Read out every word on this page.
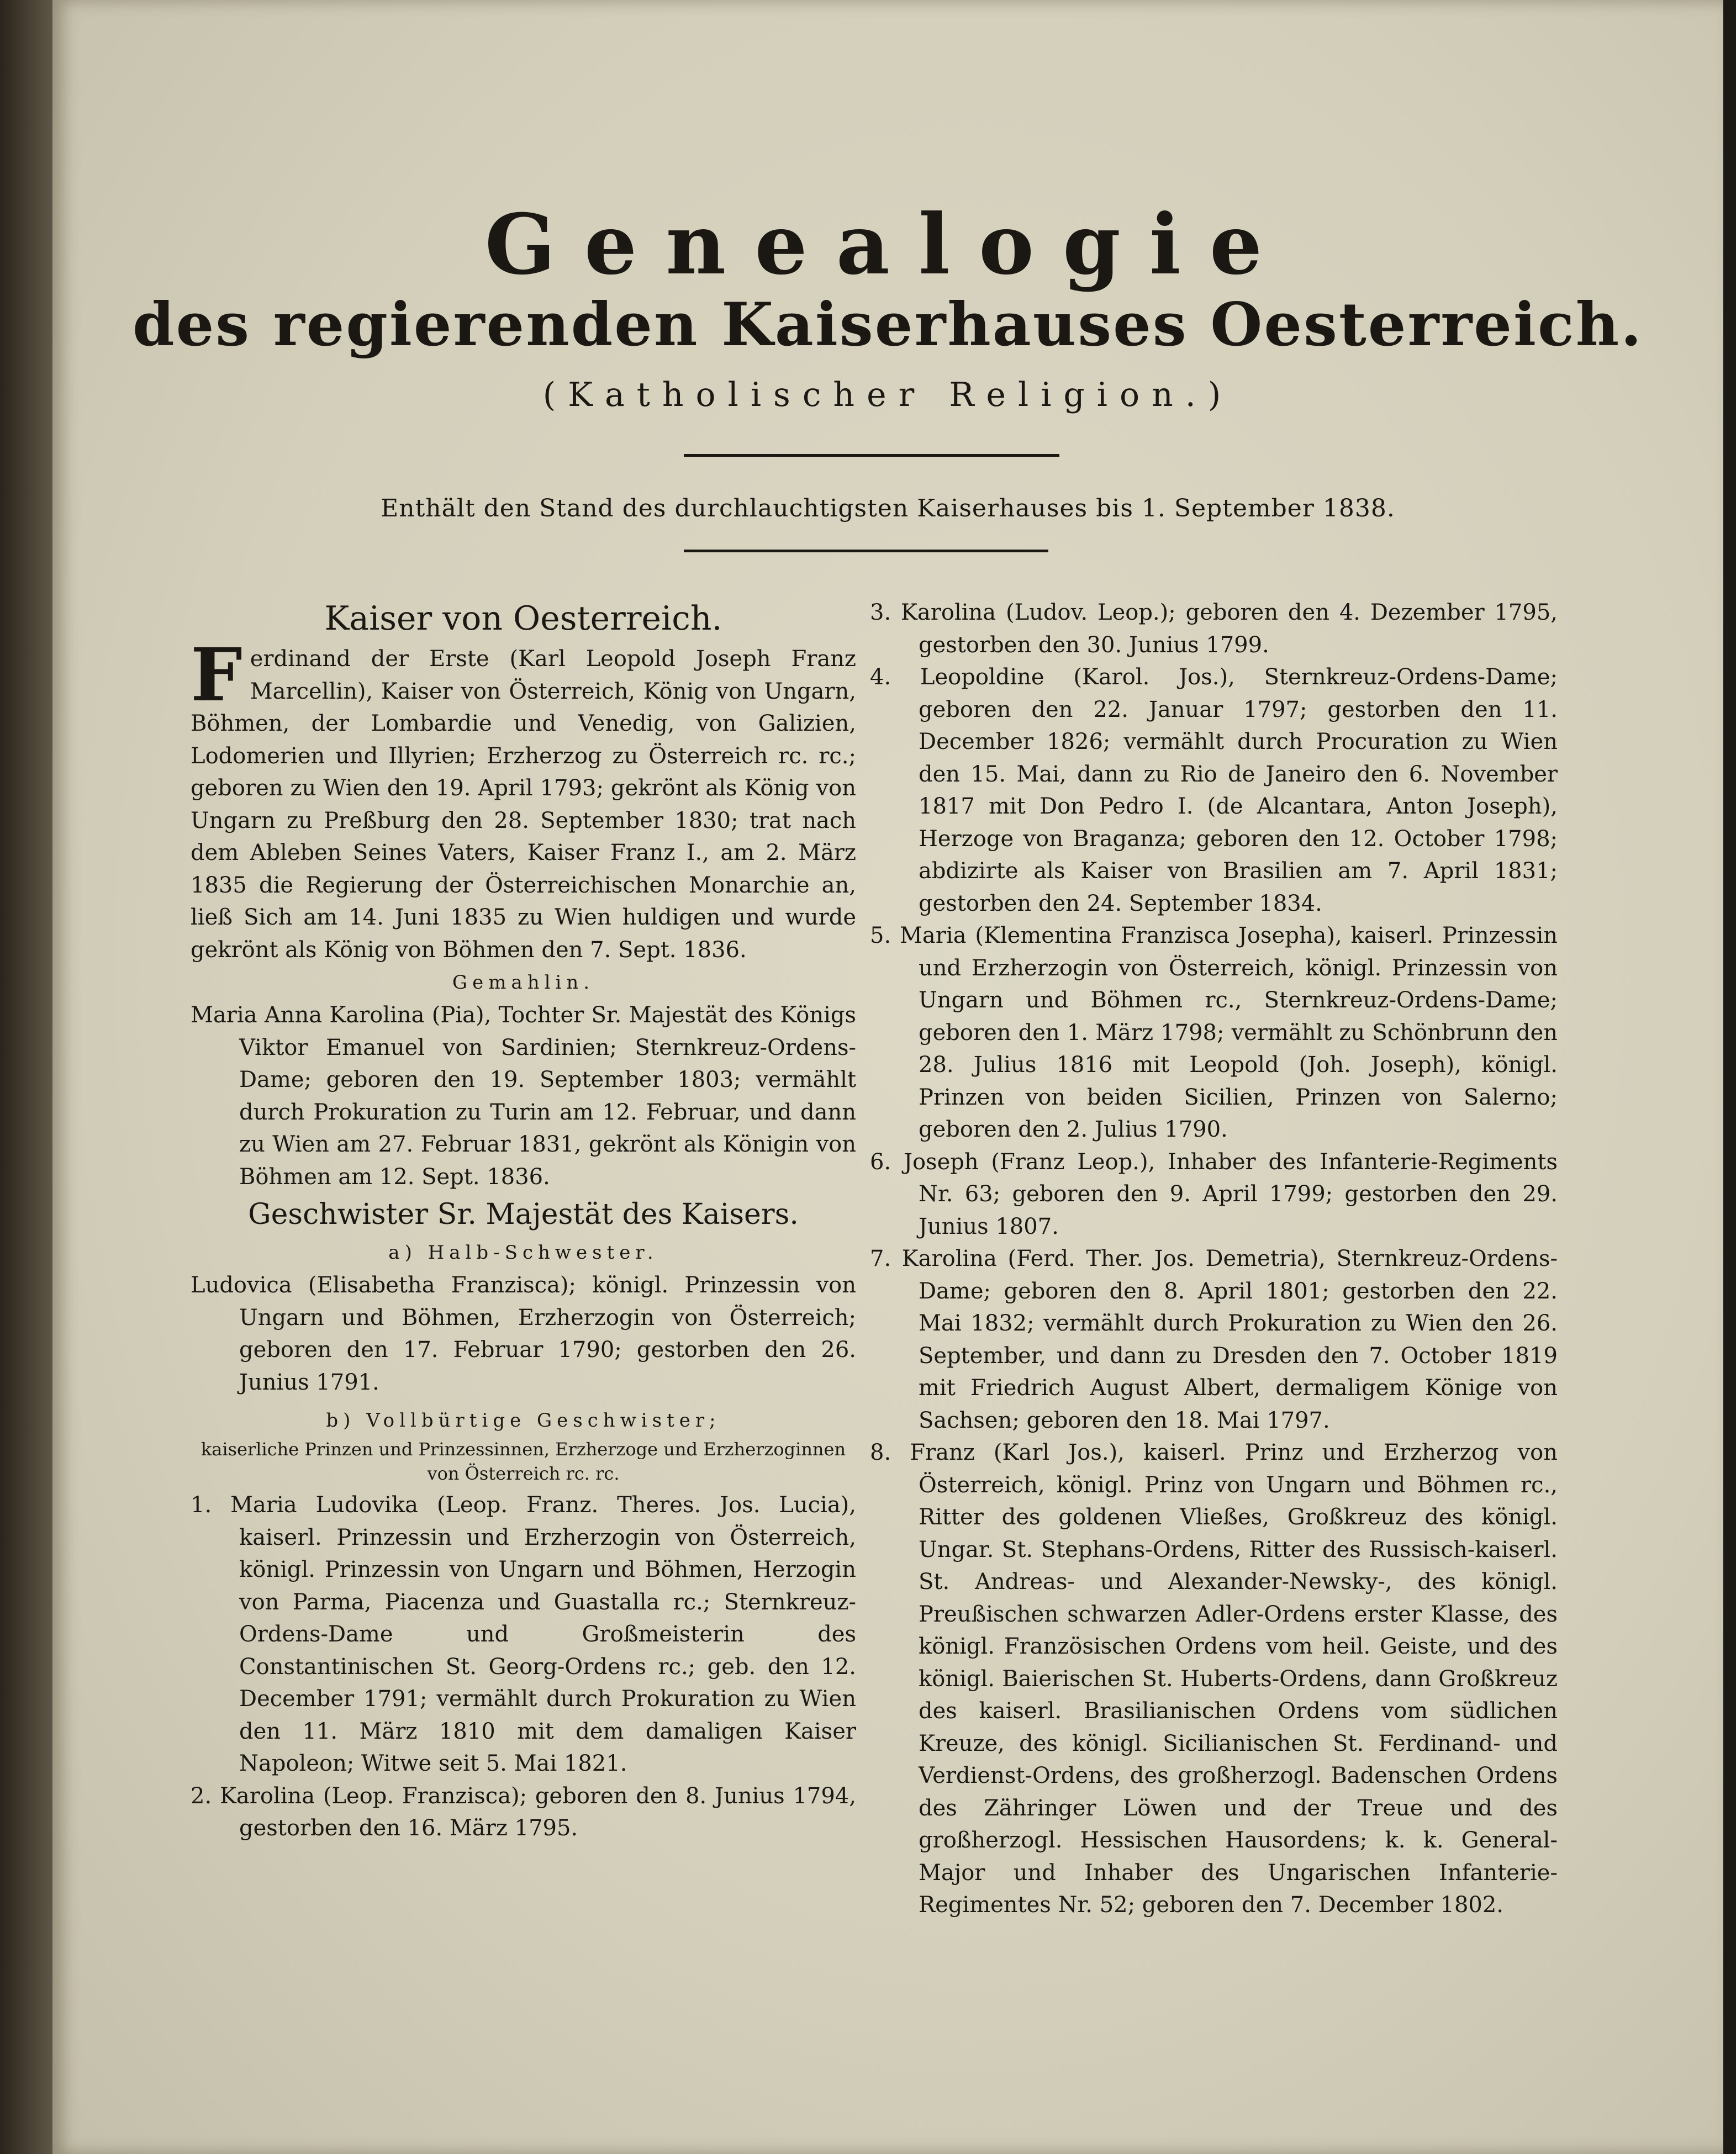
Genealogie
des regierenden Kaiserhauses Oesterreich.
(Katholischer Religion.)
Enthält den Stand des durchlauchtigsten Kaiserhauses bis 1. September 1838.

Kaiser von Oesterreich.

Ferdinand der Erste (Karl Leopold Joseph Franz Marcellin), Kaiser von Österreich, König von Ungarn, Böhmen, der Lombardie und Venedig, von Galizien, Lodomerien und Illyrien; Erzherzog zu Österreich rc. rc.; geboren zu Wien den 19. April 1793; gekrönt als König von Ungarn zu Preßburg den 28. September 1830; trat nach dem Ableben Seines Vaters, Kaiser Franz I., am 2. März 1835 die Regierung der Österreichischen Monarchie an, ließ Sich am 14. Juni 1835 zu Wien huldigen und wurde gekrönt als König von Böhmen den 7. Sept. 1836.

Gemahlin.

Maria Anna Karolina (Pia), Tochter Sr. Majestät des Königs Viktor Emanuel von Sardinien; Sternkreuz-Ordens-Dame; geboren den 19. September 1803; vermählt durch Prokuration zu Turin am 12. Februar, und dann zu Wien am 27. Februar 1831, gekrönt als Königin von Böhmen am 12. Sept. 1836.

Geschwister Sr. Majestät des Kaisers.

a) Halb-Schwester.

Ludovica (Elisabetha Franzisca); königl. Prinzessin von Ungarn und Böhmen, Erzherzogin von Österreich; geboren den 17. Februar 1790; gestorben den 26. Junius 1791.

b) Vollbürtige Geschwister;

kaiserliche Prinzen und Prinzessinnen, Erzherzoge und Erzherzoginnen von Österreich rc. rc.

1. Maria Ludovika (Leop. Franz. Theres. Jos. Lucia), kaiserl. Prinzessin und Erzherzogin von Österreich, königl. Prinzessin von Ungarn und Böhmen, Herzogin von Parma, Piacenza und Guastalla rc.; Sternkreuz-Ordens-Dame und Großmeisterin des Constantinischen St. Georg-Ordens rc.; geb. den 12. December 1791; vermählt durch Prokuration zu Wien den 11. März 1810 mit dem damaligen Kaiser Napoleon; Witwe seit 5. Mai 1821.

2. Karolina (Leop. Franzisca); geboren den 8. Junius 1794, gestorben den 16. März 1795.

3. Karolina (Ludov. Leop.); geboren den 4. Dezember 1795, gestorben den 30. Junius 1799.

4. Leopoldine (Karol. Jos.), Sternkreuz-Ordens-Dame; geboren den 22. Januar 1797; gestorben den 11. December 1826; vermählt durch Procuration zu Wien den 15. Mai, dann zu Rio de Janeiro den 6. November 1817 mit Don Pedro I. (de Alcantara, Anton Joseph), Herzoge von Braganza; geboren den 12. October 1798; abdizirte als Kaiser von Brasilien am 7. April 1831; gestorben den 24. September 1834.

5. Maria (Klementina Franzisca Josepha), kaiserl. Prinzessin und Erzherzogin von Österreich, königl. Prinzessin von Ungarn und Böhmen rc., Sternkreuz-Ordens-Dame; geboren den 1. März 1798; vermählt zu Schönbrunn den 28. Julius 1816 mit Leopold (Joh. Joseph), königl. Prinzen von beiden Sicilien, Prinzen von Salerno; geboren den 2. Julius 1790.

6. Joseph (Franz Leop.), Inhaber des Infanterie-Regiments Nr. 63; geboren den 9. April 1799; gestorben den 29. Junius 1807.

7. Karolina (Ferd. Ther. Jos. Demetria), Sternkreuz-Ordens-Dame; geboren den 8. April 1801; gestorben den 22. Mai 1832; vermählt durch Prokuration zu Wien den 26. September, und dann zu Dresden den 7. October 1819 mit Friedrich August Albert, dermaligem Könige von Sachsen; geboren den 18. Mai 1797.

8. Franz (Karl Jos.), kaiserl. Prinz und Erzherzog von Österreich, königl. Prinz von Ungarn und Böhmen rc., Ritter des goldenen Vließes, Großkreuz des königl. Ungar. St. Stephans-Ordens, Ritter des Russisch-kaiserl. St. Andreas- und Alexander-Newsky-, des königl. Preußischen schwarzen Adler-Ordens erster Klasse, des königl. Französischen Ordens vom heil. Geiste, und des königl. Baierischen St. Huberts-Ordens, dann Großkreuz des kaiserl. Brasilianischen Ordens vom südlichen Kreuze, des königl. Sicilianischen St. Ferdinand- und Verdienst-Ordens, des großherzogl. Badenschen Ordens des Zähringer Löwen und der Treue und des großherzogl. Hessischen Hausordens; k. k. General-Major und Inhaber des Ungarischen Infanterie-Regimentes Nr. 52; geboren den 7. December 1802.
